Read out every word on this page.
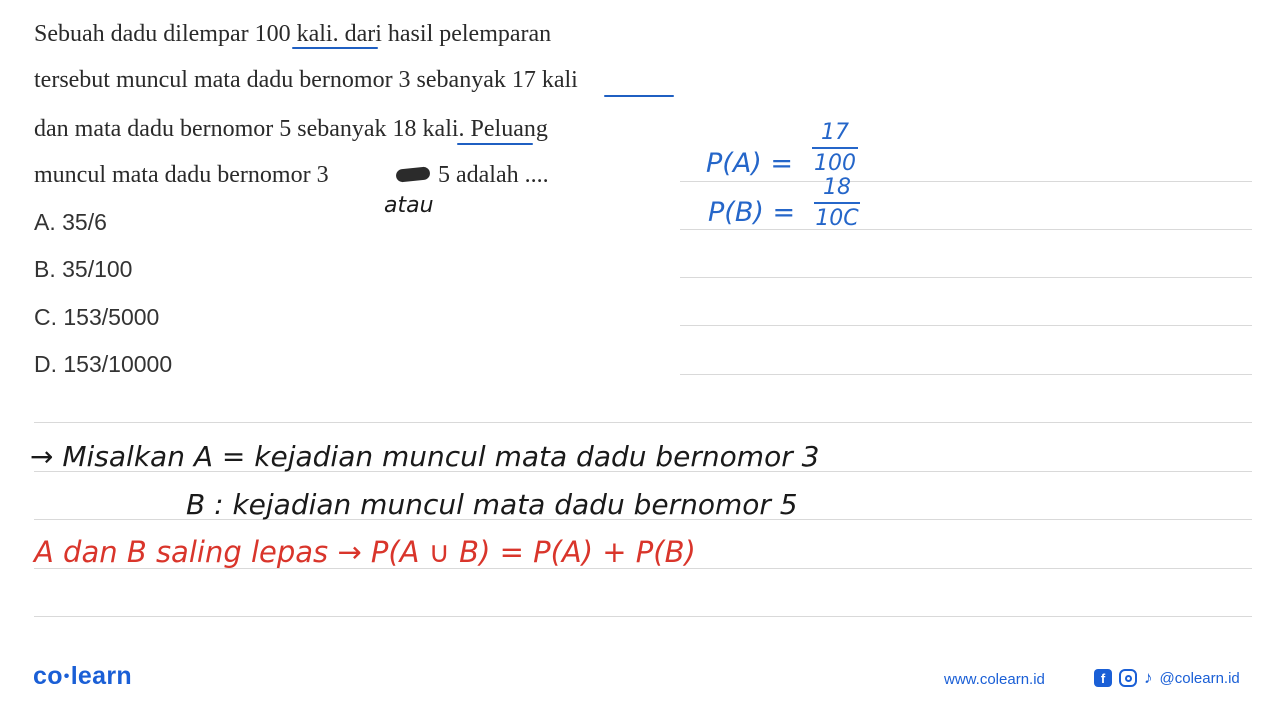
Sebuah dadu dilempar 100 kali. dari hasil pelemparan
tersebut muncul mata dadu bernomor 3 sebanyak 17 kali
dan mata dadu bernomor 5 sebanyak 18 kali. Peluang
muncul mata dadu bernomor 3	5 adalah ....
A. 35/6
B. 35/100
C. 153/5000
D. 153/10000
atau
P(A) =
17
100
P(B) =
18
10C
→ Misalkan A = kejadian muncul mata dadu bernomor 3
B : kejadian muncul mata dadu bernomor 5
A dan B saling lepas → P(A ∪ B) = P(A) + P(B)
co•learn	www.colearn.id	f	♪ @colearn.id
